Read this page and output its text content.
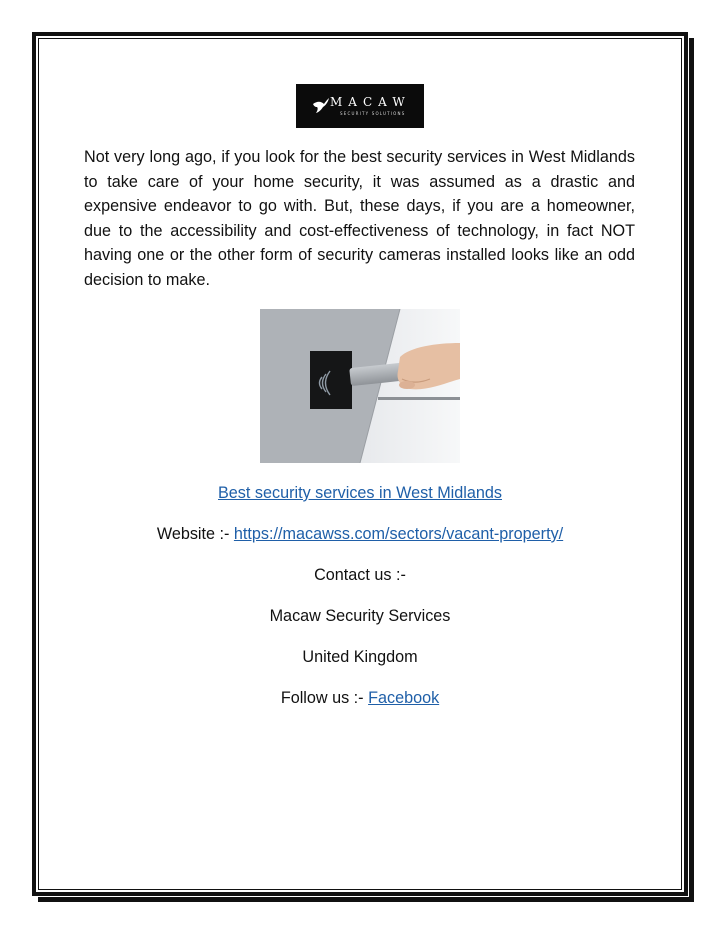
MACAW
SECURITY SOLUTIONS

Not very long ago, if you look for the best security services in West Midlands to take care of your home security, it was assumed as a drastic and expensive endeavor to go with. But, these days, if you are a homeowner, due to the accessibility and cost-effectiveness of technology, in fact NOT having one or the other form of security cameras installed looks like an odd decision to make.

Best security services in West Midlands
Website :- https://macawss.com/sectors/vacant-property/
Contact us :-
Macaw Security Services
United Kingdom
Follow us :- Facebook
